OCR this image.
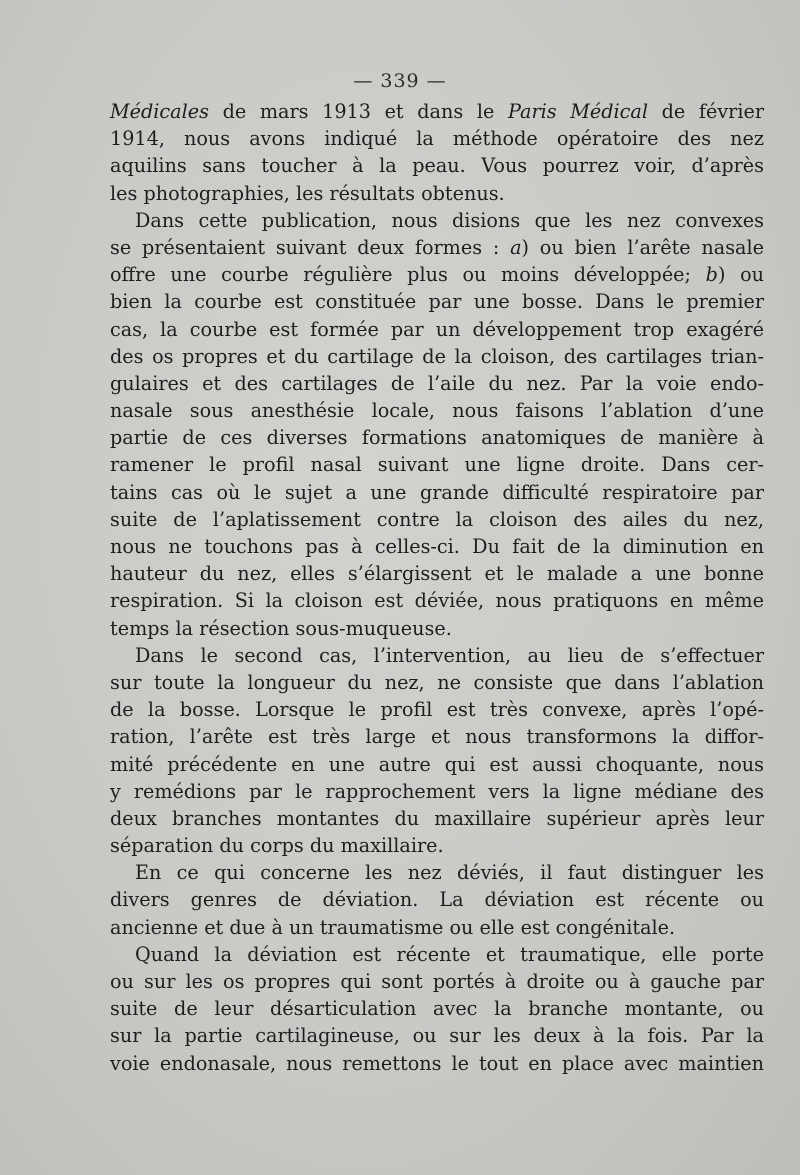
— 339 —
Médicales de mars 1913 et dans le Paris Médical de février
1914, nous avons indiqué la méthode opératoire des nez
aquilins sans toucher à la peau. Vous pourrez voir, d’après
les photographies, les résultats obtenus.
Dans cette publication, nous disions que les nez convexes
se présentaient suivant deux formes : a) ou bien l’arête nasale
offre une courbe régulière plus ou moins développée; b) ou
bien la courbe est constituée par une bosse. Dans le premier
cas, la courbe est formée par un développement trop exagéré
des os propres et du cartilage de la cloison, des cartilages trian-
gulaires et des cartilages de l’aile du nez. Par la voie endo-
nasale sous anesthésie locale, nous faisons l’ablation d’une
partie de ces diverses formations anatomiques de manière à
ramener le profil nasal suivant une ligne droite. Dans cer-
tains cas où le sujet a une grande difficulté respiratoire par
suite de l’aplatissement contre la cloison des ailes du nez,
nous ne touchons pas à celles-ci. Du fait de la diminution en
hauteur du nez, elles s’élargissent et le malade a une bonne
respiration. Si la cloison est déviée, nous pratiquons en même
temps la résection sous-muqueuse.
Dans le second cas, l’intervention, au lieu de s’effectuer
sur toute la longueur du nez, ne consiste que dans l’ablation
de la bosse. Lorsque le profil est très convexe, après l’opé-
ration, l’arête est très large et nous transformons la diffor-
mité précédente en une autre qui est aussi choquante, nous
y remédions par le rapprochement vers la ligne médiane des
deux branches montantes du maxillaire supérieur après leur
séparation du corps du maxillaire.
En ce qui concerne les nez déviés, il faut distinguer les
divers genres de déviation. La déviation est récente ou
ancienne et due à un traumatisme ou elle est congénitale.
Quand la déviation est récente et traumatique, elle porte
ou sur les os propres qui sont portés à droite ou à gauche par
suite de leur désarticulation avec la branche montante, ou
sur la partie cartilagineuse, ou sur les deux à la fois. Par la
voie endonasale, nous remettons le tout en place avec maintien
